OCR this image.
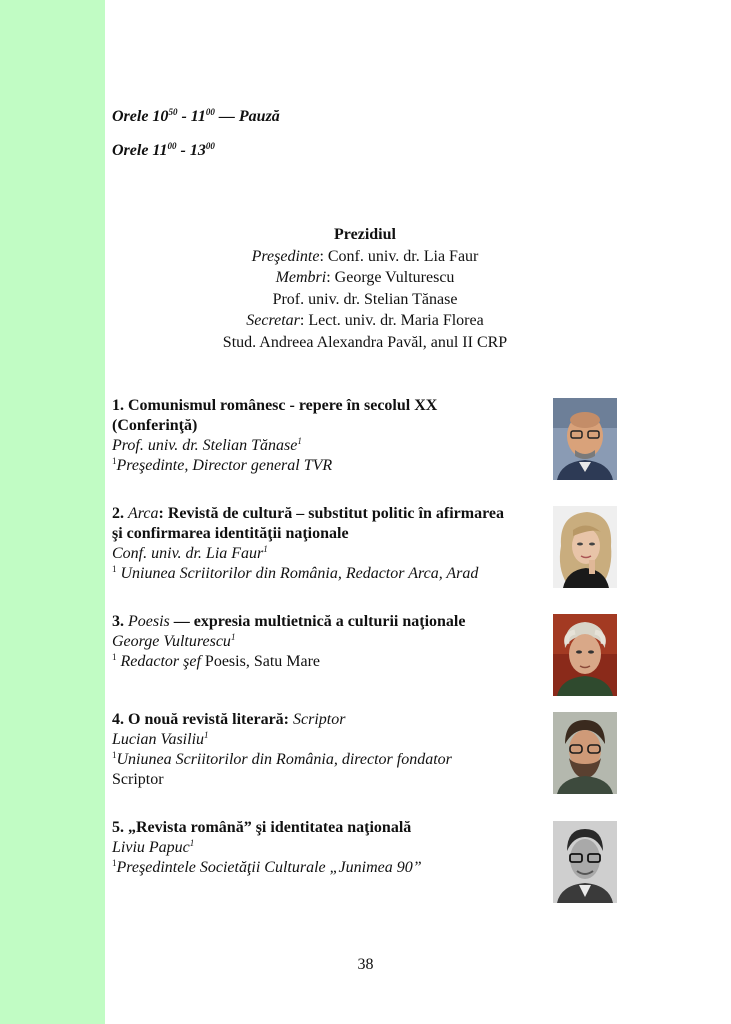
Orele $10^{50} - 11^{00}$ — Pauză
Orele $11^{00} - 13^{00}$
Prezidiul
Preşedinte: Conf. univ. dr. Lia Faur
Membri: George Vulturescu
Prof. univ. dr. Stelian Tănase
Secretar: Lect. univ. dr. Maria Florea
Stud. Andreea Alexandra Pavăl, anul II CRP
1. Comunismul românesc - repere în secolul XX
(Conferinţă)
Prof. univ. dr. Stelian Tănase$^1$
$^1$Preşedinte, Director general TVR
2. Arca: Revistă de cultură – substitut politic în afirmarea
şi confirmarea identităţii naţionale
Conf. univ. dr. Lia Faur$^1$
$^1$ Uniunea Scriitorilor din România, Redactor Arca, Arad
3. Poesis — expresia multietnică a culturii naţionale
George Vulturescu$^1$
$^1$ Redactor şef Poesis, Satu Mare
4. O nouă revistă literară: Scriptor
Lucian Vasiliu$^1$
$^1$Uniunea Scriitorilor din România, director fondator
Scriptor
5. „Revista română” şi identitatea naţională
Liviu Papuc$^1$
$^1$Preşedintele Societăţii Culturale „Junimea 90”
38
